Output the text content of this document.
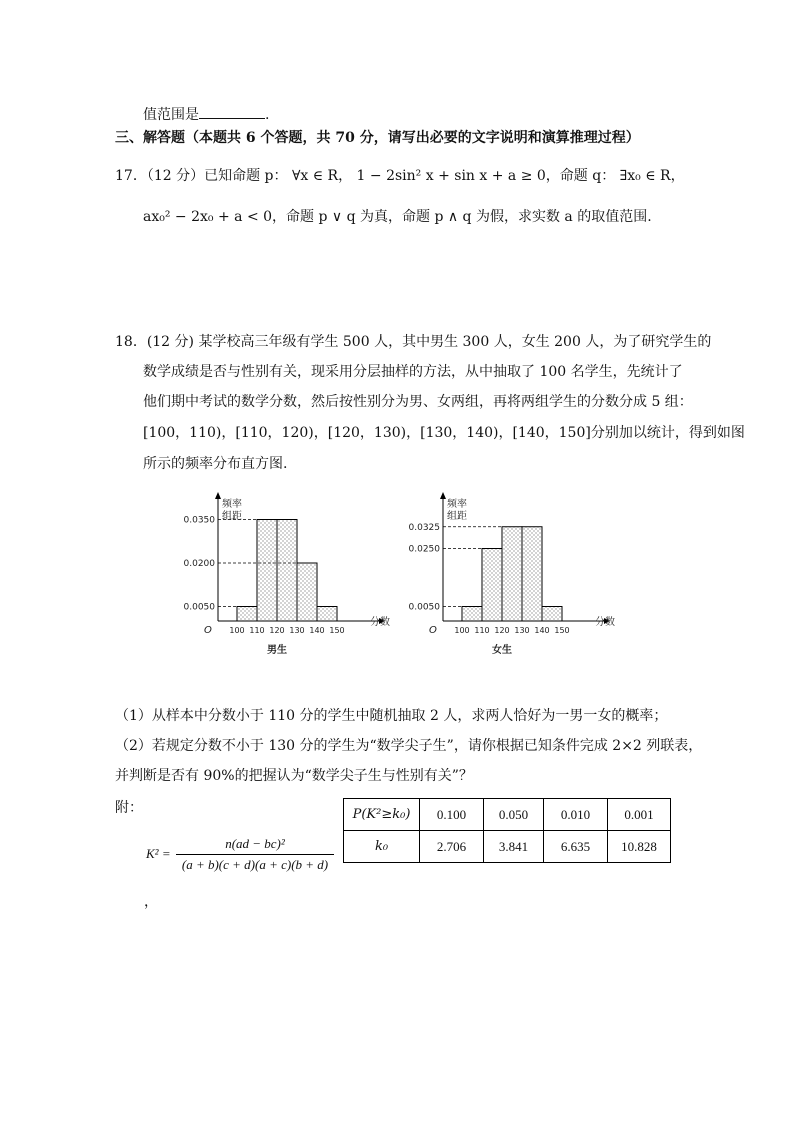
值范围是	.
三、解答题（本题共 6 个答题，共 70 分，请写出必要的文字说明和演算推理过程）
17．（12 分）已知命题 p： ∀x ∈ R， 1 − 2sin² x + sin x + a ≥ 0，命题 q： ∃x₀ ∈ R，
ax₀² − 2x₀ + a < 0，命题 p ∨ q 为真，命题 p ∧ q 为假，求实数 a 的取值范围.
18．(12 分) 某学校高三年级有学生 500 人，其中男生 300 人，女生 200 人，为了研究学生的
数学成绩是否与性别有关，现采用分层抽样的方法，从中抽取了 100 名学生，先统计了
他们期中考试的数学分数，然后按性别分为男、女两组，再将两组学生的分数分成 5 组：
[100，110)，[110，120)，[120，130)，[130，140)，[140，150]分别加以统计，得到如图
所示的频率分布直方图.
频率
组距
O
0.0350
0.0200
0.0050
100 110 120 130 140 150
分数
男生
频率
组距
O
0.0325
0.0250
0.0050
100 110 120 130 140 150
分数
女生
（1）从样本中分数小于 110 分的学生中随机抽取 2 人，求两人恰好为一男一女的概率；
（2）若规定分数不小于 130 分的学生为“数学尖子生”，请你根据已知条件完成 2×2 列联表，
并判断是否有 90%的把握认为“数学尖子生与性别有关”？
附：
K² =
n(ad − bc)²
(a + b)(c + d)(a + c)(b + d)
，
P(K²≥k₀)	0.100	0.050	0.010	0.001
k₀	2.706	3.841	6.635	10.828
